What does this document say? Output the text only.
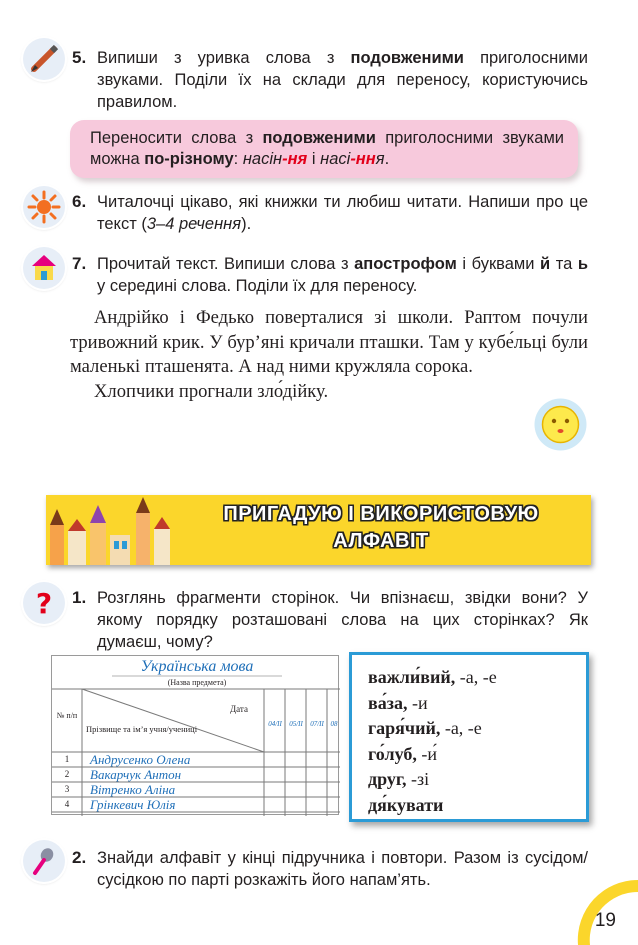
5. Випиши з уривка слова з подовженими приголосними звуками. Поділи їх на склади для переносу, користуючись правилом.
Переносити слова з подовженими приголосними звуками можна по-різному: насін-ня і насі-ння.
6. Читалочці цікаво, які книжки ти любиш читати. Напиши про це текст (3–4 речення).
7. Прочитай текст. Випиши слова з апострофом і буквами й та ь у середині слова. Поділи їх для переносу.

Андрійко і Федько поверталися зі школи. Раптом почули тривожний крик. У бур’яні кричали пташки. Там у кубе́льці були маленькі пташенята. А над ними кружляла сорока.

Хлопчики прогнали зло́дійку.

ПРИГАДУЮ І ВИКОРИСТОВУЮ
АЛФАВІТ
? 1. Розглянь фрагменти сторінок. Чи впізнаєш, звідки вони? У якому порядку розташовані слова на цих сторінках? Як думаєш, чому?
Українська мова
(Назва предмета)
Дата
№ п/п
Прізвище та ім’я учня/учениці	04/II	05/II	07/II 08
1	Андрусенко Олена
2	Вакарчук Антон
3	Вітренко Аліна
4	Грінкевич Юлія
важли́вий, -а, -е
ва́за, -и
гаря́чий, -а, -е
го́луб, -и́
друг, -зі
дя́кувати
2. Знайди алфавіт у кінці підручника і повтори. Разом із сусідом/сусідкою по парті розкажіть його напам’ять.
19
